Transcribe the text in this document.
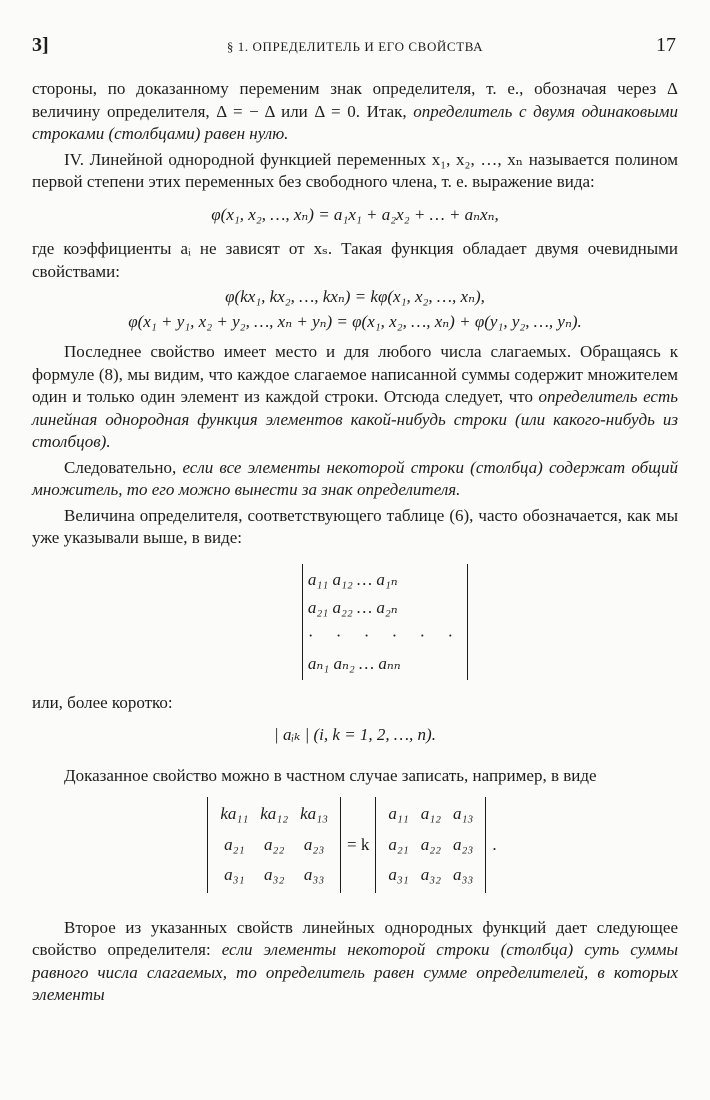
3]	§ 1. ОПРЕДЕЛИТЕЛЬ И ЕГО СВОЙСТВА	17

стороны, по доказанному переменим знак определителя, т. е., обозначая через Δ величину определителя, Δ = − Δ или Δ = 0. Итак, определитель с двумя одинаковыми строками (столбцами) равен нулю.

IV. Линейной однородной функцией переменных x₁, x₂, …, xₙ называется полином первой степени этих переменных без свободного члена, т. е. выражение вида:

φ(x₁, x₂, …, xₙ) = a₁x₁ + a₂x₂ + … + aₙxₙ,

где коэффициенты aᵢ не зависят от xₛ. Такая функция обладает двумя очевидными свойствами:

φ(kx₁, kx₂, …, kxₙ) = kφ(x₁, x₂, …, xₙ),
φ(x₁ + y₁, x₂ + y₂, …, xₙ + yₙ) = φ(x₁, x₂, …, xₙ) + φ(y₁, y₂, …, yₙ).

Последнее свойство имеет место и для любого числа слагаемых. Обращаясь к формуле (8), мы видим, что каждое слагаемое написанной суммы содержит множителем один и только один элемент из каждой строки. Отсюда следует, что определитель есть линейная однородная функция элементов какой-нибудь строки (или какого-нибудь из столбцов).

Следовательно, если все элементы некоторой строки (столбца) содержат общий множитель, то его можно вынести за знак определителя.

Величина определителя, соответствующего таблице (6), часто обозначается, как мы уже указывали выше, в виде:

a₁₁ a₁₂ … a₁ₙ
a₂₁ a₂₂ … a₂ₙ
· · · · · ·
aₙ₁ aₙ₂ … aₙₙ

или, более коротко:

| aᵢₖ | (i, k = 1, 2, …, n).

Доказанное свойство можно в частном случае записать, например, в виде

ka₁₁	ka₁₂	ka₁₃
a₂₁	a₂₂	a₂₃
a₃₁	a₃₂	a₃₃
= k
a₁₁	a₁₂	a₁₃
a₂₁	a₂₂	a₂₃
a₃₁	a₃₂	a₃₃
.

Второе из указанных свойств линейных однородных функций дает следующее свойство определителя: если элементы некоторой строки (столбца) суть суммы равного числа слагаемых, то определитель равен сумме определителей, в которых элементы
